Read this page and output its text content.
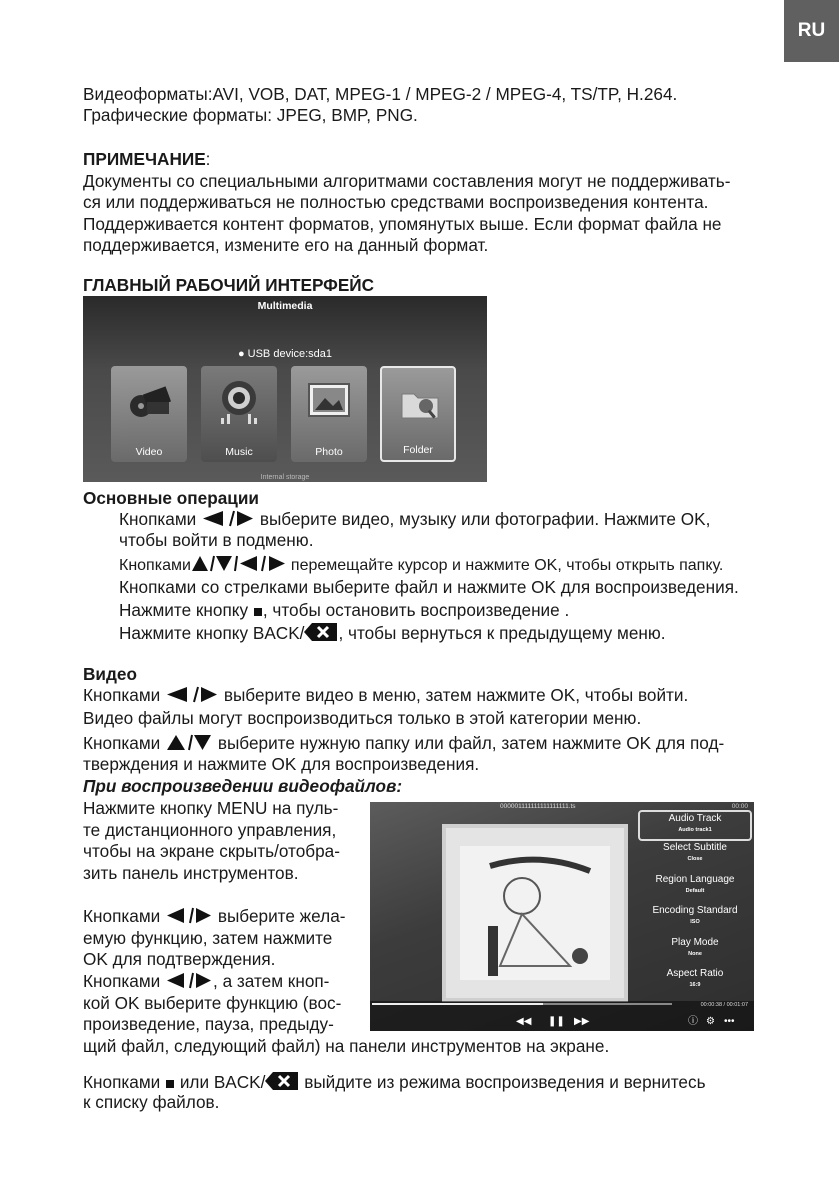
RU

Видеоформаты:AVI, VOB, DAT, MPEG-1 / MPEG-2 / MPEG-4, TS/TP, H.264.

Графические форматы: JPEG, BMP, PNG.

ПРИМЕЧАНИЕ:

Документы со специальными алгоритмами составления могут не поддерживать-

ся или поддерживаться не полностью средствами воспроизведения контента.

Поддерживается контент форматов, упомянутых выше. Если формат файла не

поддерживается, измените его на данный формат.

ГЛАВНЫЙ РАБОЧИЙ ИНТЕРФЕЙС

Multimedia
● USB device:sda1
Video	Music	Photo	Folder
Internal storage

Основные операции

Кнопками	выберите видео, музыку или фотографии. Нажмите OK,

чтобы войти в подменю.

Кнопками	перемещайте курсор и нажмите OK, чтобы открыть папку.

Кнопками со стрелками выберите файл и нажмите OK для воспроизведения.

Нажмите кнопку , чтобы остановить воспроизведение .

Нажмите кнопку BACK/ , чтобы вернуться к предыдущему меню.

Видео

Кнопками	выберите видео в меню, затем нажмите OK, чтобы войти.

Видео файлы могут воспроизводиться только в этой категории меню.

Кнопками	выберите нужную папку или файл, затем нажмите OK для под-

тверждения и нажмите OK для воспроизведения.

При воспроизведении видеофайлов:

Нажмите кнопку MENU на пуль-

те дистанционного управления,

чтобы на экране скрыть/отобра-

зить панель инструментов.

Кнопками	выберите жела-

емую функцию, затем нажмите

OK для подтверждения.

Кнопками	, а затем кноп-

кой OK выберите функцию (вос-

произведение, пауза, предыду-

щий файл, следующий файл) на панели инструментов на экране.

000001111111111111111.ts	00:00
Audio Track
Audio track1
Select Subtitle
Close
Region Language
Default
Encoding Standard
ISO
Play Mode
None
Aspect Ratio
16:9
00:00:38 / 00:01:07
◀◀ ❚❚ ▶▶	ⓘ ⚙ •••

Кнопками или BACK/ выйдите из режима воспроизведения и вернитесь

к списку файлов.
